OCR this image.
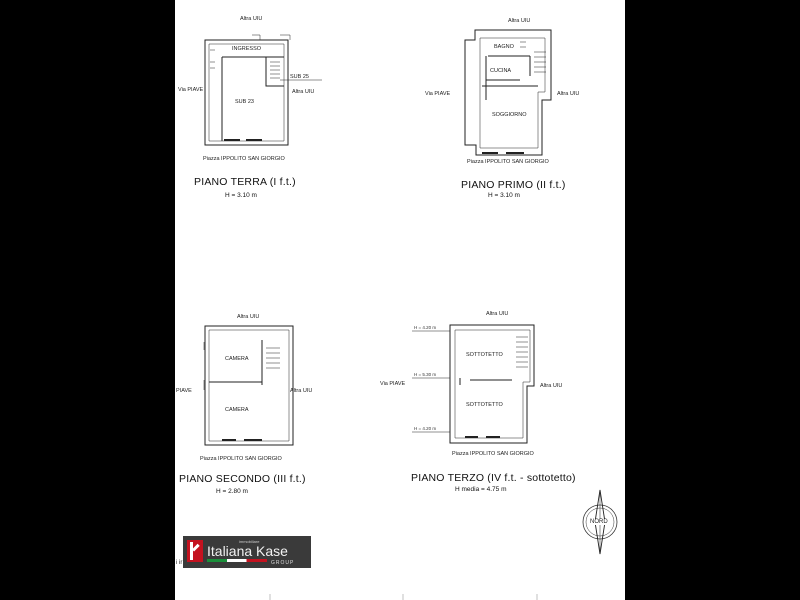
Altra UIU
Via PIAVE	Altra UIU
Piazza IPPOLITO SAN GIORGIO
INGRESSO
SUB 23
SUB 25
PIANO TERRA (I f.t.)
H = 3.10 m
Altra UIU
Via PIAVE	Altra UIU
Piazza IPPOLITO SAN GIORGIO
BAGNO
CUCINA
SOGGIORNO
PIANO PRIMO (II f.t.)
H = 3.10 m
Altra UIU
PIAVE	Altra UIU
Piazza IPPOLITO SAN GIORGIO
CAMERA
CAMERA
PIANO SECONDO (III f.t.)
H = 2.80 m
Altra UIU
Via PIAVE	Altra UIU
Piazza IPPOLITO SAN GIORGIO
SOTTOTETTO
SOTTOTETTO
H = 4.20 m
H = 5.30 m
H = 4.20 m
PIANO TERZO (IV f.t. - sottotetto)
H media = 4.75 m
NORD
immobiliare
Italiana Kase
GROUP
i ir
